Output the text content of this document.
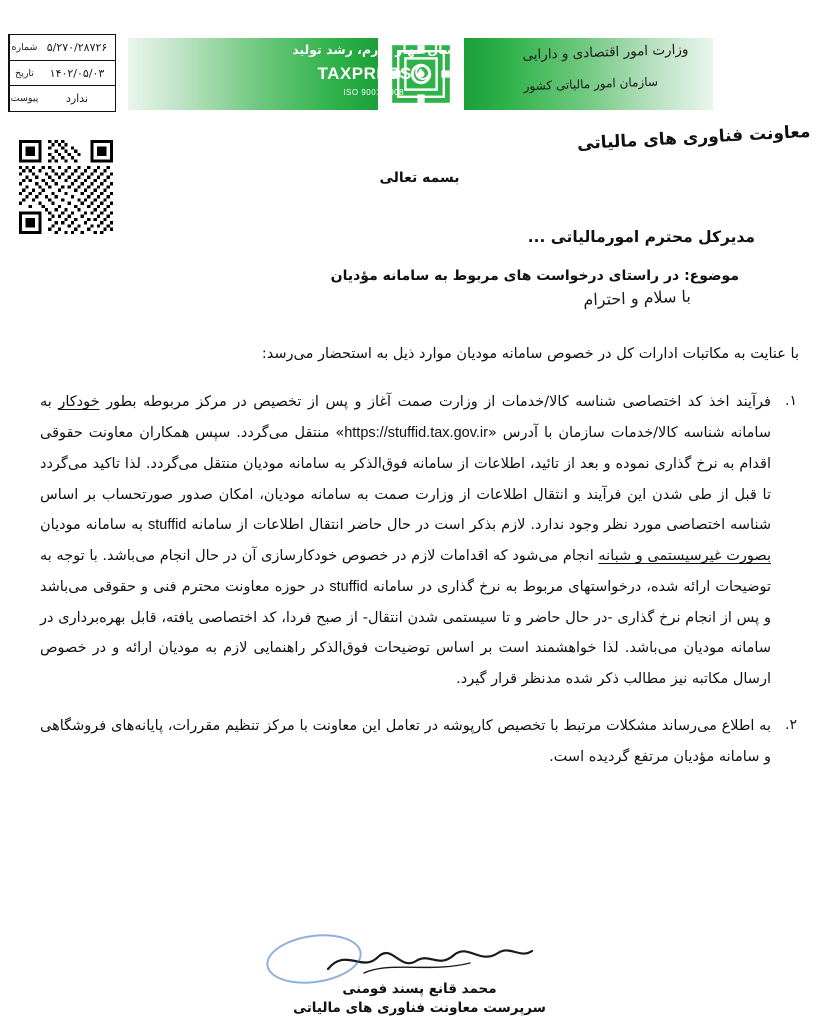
شماره
تاریخ
پیوست
۵/۲۷۰/۲۸۷۲۶
۱۴۰۲/۰۵/۰۳
ندارد
سال مهار تورم، رشد تولید
TAXPRESS
ISO 9001-2008
وزارت امور اقتصادی و دارایی
سازمان امور مالیاتی کشور
معاونت فناوری های مالیاتی
بسمه تعالی
مدیرکل محترم امورمالیاتی ...
موضوع: در راستای درخواست های مربوط به سامانه مؤدیان
با سلام و احترام

با عنایت به مکاتبات ادارات کل در خصوص سامانه مودیان موارد ذیل به استحضار می‌رسد:

۱.
فرآیند اخذ کد اختصاصی شناسه کالا/خدمات از وزارت صمت آغاز و پس از تخصیص در مرکز مربوطه بطور خودکار به سامانه شناسه کالا/خدمات سازمان با آدرس «https://stuffid.tax.gov.ir» منتقل می‌گردد. سپس همکاران معاونت حقوقی اقدام به نرخ گذاری نموده و بعد از تائید، اطلاعات از سامانه فوق‌الذکر به سامانه مودیان منتقل می‌گردد. لذا تاکید می‌گردد تا قبل از طی شدن این فرآیند و انتقال اطلاعات از وزارت صمت به سامانه مودیان، امکان صدور صورتحساب بر اساس شناسه اختصاصی مورد نظر وجود ندارد. لازم بذکر است در حال حاضر انتقال اطلاعات از سامانه stuffid به سامانه مودیان بصورت غیرسیستمی و شبانه انجام می‌شود که اقدامات لازم در خصوص خودکارسازی آن در حال انجام می‌باشد. با توجه به توضیحات ارائه شده، درخواستهای مربوط به نرخ گذاری در سامانه stuffid در حوزه معاونت محترم فنی و حقوقی می‌باشد و پس از انجام نرخ گذاری -در حال حاضر و تا سیستمی شدن انتقال- از صبح فردا، کد اختصاصی یافته، قابل بهره‌برداری در سامانه مودیان می‌باشد. لذا خواهشمند است بر اساس توضیحات فوق‌الذکر راهنمایی لازم به مودیان ارائه و در خصوص ارسال مکاتبه نیز مطالب ذکر شده مدنظر قرار گیرد.
۲.
به اطلاع می‌رساند مشکلات مرتبط با تخصیص کارپوشه در تعامل این معاونت با مرکز تنظیم مقررات، پایانه‌های فروشگاهی و سامانه مؤدیان مرتفع گردیده است.
محمد قانع پسند فومنی
سرپرست معاونت فناوری های مالیاتی
